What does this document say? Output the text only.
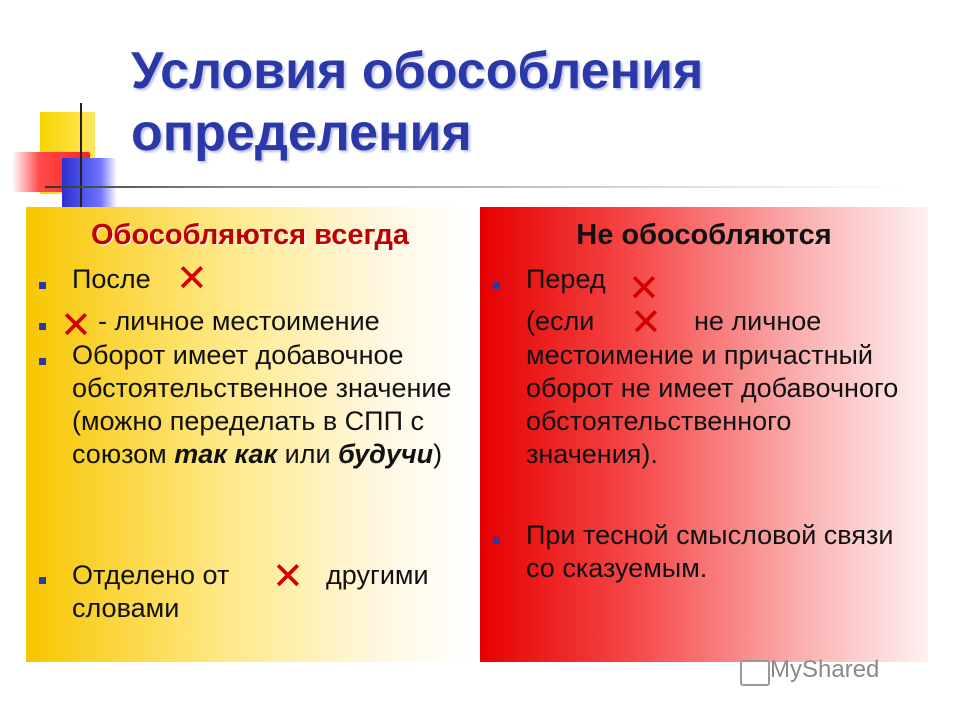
Условия обособления определения
Обособляются всегда
После ✕
✕ - личное местоимение
Оборот имеет добавочное обстоятельственное значение (можно переделать в СПП с союзом так как или будучи)
Отделено от ✕ другими
словами
Не обособляются
Перед ✕
(если ✕ не личное
местоимение и причастный оборот не имеет добавочного обстоятельственного значения).
При тесной смысловой связи со сказуемым.
MyShared
